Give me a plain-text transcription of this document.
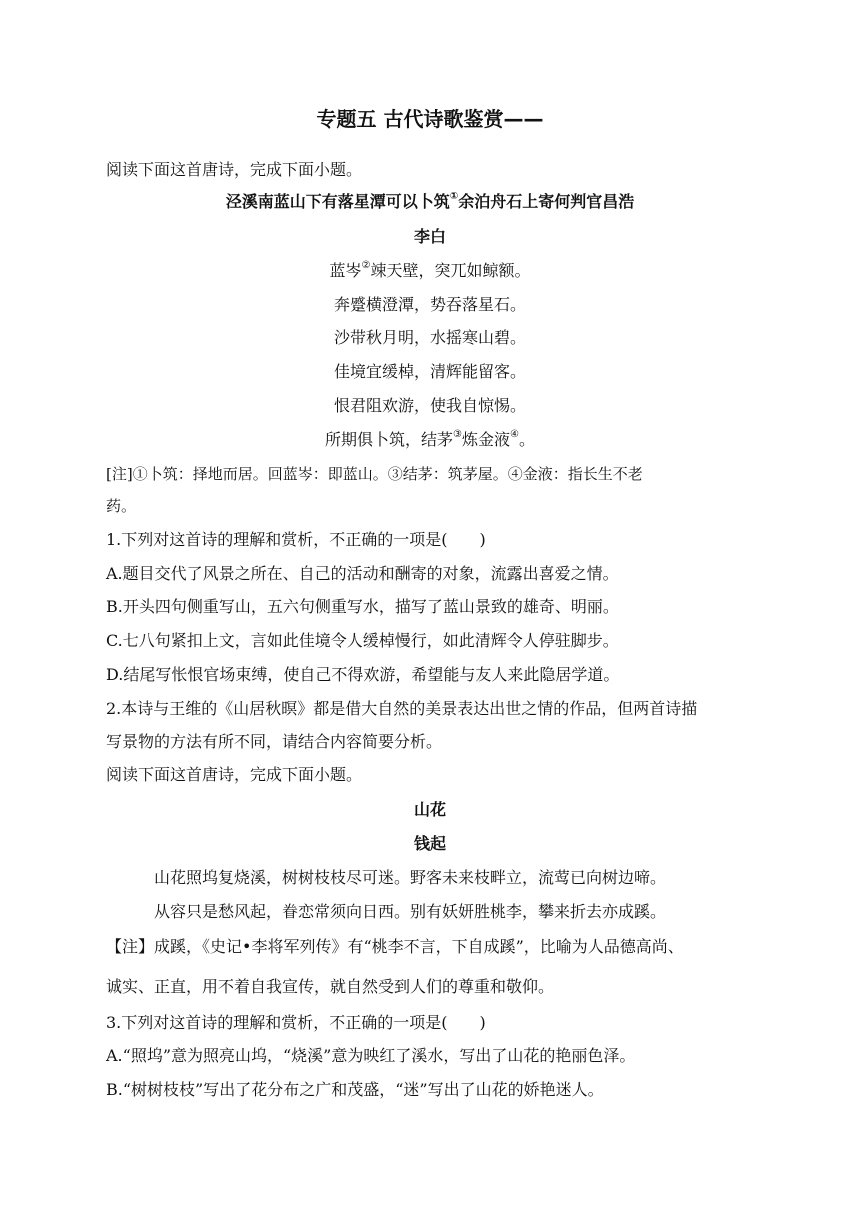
专题五 古代诗歌鉴赏——
阅读下面这首唐诗，完成下面小题。
泾溪南蓝山下有落星潭可以卜筑①余泊舟石上寄何判官昌浩
李白
蓝岑②竦天壁，突兀如鲸额。
奔蹙横澄潭，势吞落星石。
沙带秋月明，水摇寒山碧。
佳境宜缓棹，清辉能留客。
恨君阻欢游，使我自惊惕。
所期俱卜筑，结茅③炼金液④。
[注]①卜筑：择地而居。回蓝岑：即蓝山。③结茅：筑茅屋。④金液：指长生不老
药。
1.下列对这首诗的理解和赏析，不正确的一项是(　　)
A.题目交代了风景之所在、自己的活动和酬寄的对象，流露出喜爱之情。
B.开头四句侧重写山，五六句侧重写水，描写了蓝山景致的雄奇、明丽。
C.七八句紧扣上文，言如此佳境令人缓棹慢行，如此清辉令人停驻脚步。
D.结尾写怅恨官场束缚，使自己不得欢游，希望能与友人来此隐居学道。
2.本诗与王维的《山居秋暝》都是借大自然的美景表达出世之情的作品，但两首诗描
写景物的方法有所不同，请结合内容简要分析。
阅读下面这首唐诗，完成下面小题。
山花
钱起
山花照坞复烧溪，树树枝枝尽可迷。野客未来枝畔立，流莺已向树边啼。
从容只是愁风起，眷恋常须向日西。别有妖妍胜桃李，攀来折去亦成蹊。
【注】成蹊，《史记•李将军列传》有“桃李不言，下自成蹊”，比喻为人品德高尚、
诚实、正直，用不着自我宣传，就自然受到人们的尊重和敬仰。
3.下列对这首诗的理解和赏析，不正确的一项是(　　)
A.“照坞”意为照亮山坞，“烧溪”意为映红了溪水，写出了山花的艳丽色泽。
B.“树树枝枝”写出了花分布之广和茂盛，“迷”写出了山花的娇艳迷人。
